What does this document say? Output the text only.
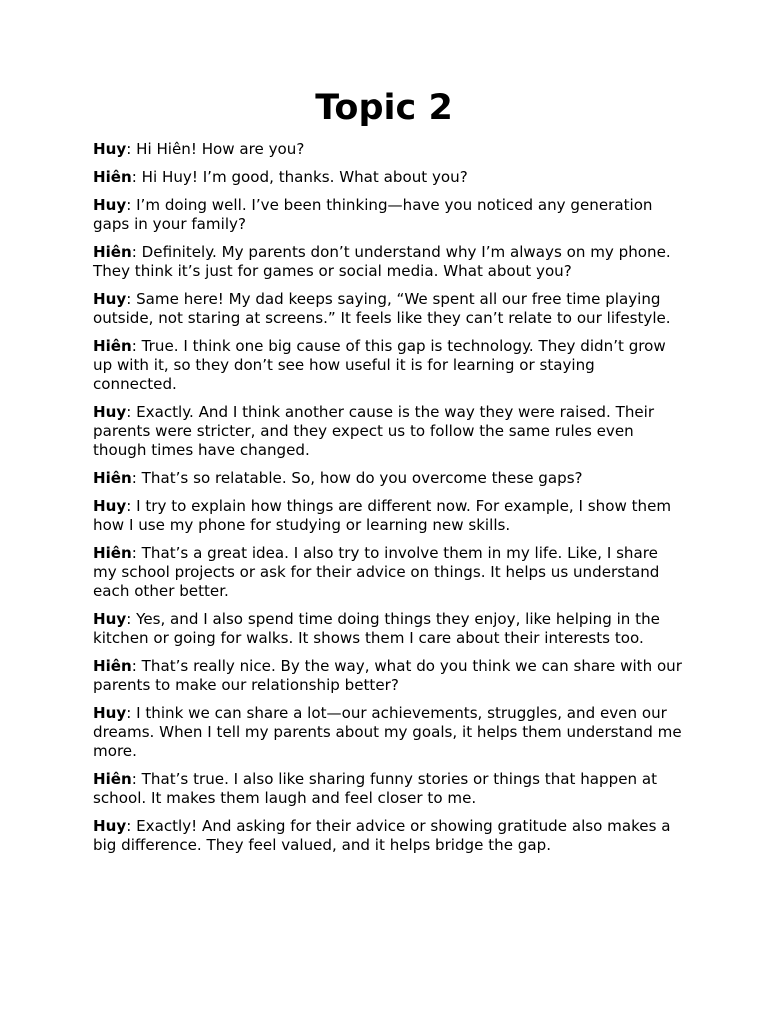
Topic 2

Huy: Hi Hiên! How are you?

Hiên: Hi Huy! I’m good, thanks. What about you?

Huy: I’m doing well. I’ve been thinking—have you noticed any generation gaps in your family?

Hiên: Definitely. My parents don’t understand why I’m always on my phone. They think it’s just for games or social media. What about you?

Huy: Same here! My dad keeps saying, “We spent all our free time playing outside, not staring at screens.” It feels like they can’t relate to our lifestyle.

Hiên: True. I think one big cause of this gap is technology. They didn’t grow up with it, so they don’t see how useful it is for learning or staying connected.

Huy: Exactly. And I think another cause is the way they were raised. Their parents were stricter, and they expect us to follow the same rules even though times have changed.

Hiên: That’s so relatable. So, how do you overcome these gaps?

Huy: I try to explain how things are different now. For example, I show them how I use my phone for studying or learning new skills.

Hiên: That’s a great idea. I also try to involve them in my life. Like, I share my school projects or ask for their advice on things. It helps us understand each other better.

Huy: Yes, and I also spend time doing things they enjoy, like helping in the kitchen or going for walks. It shows them I care about their interests too.

Hiên: That’s really nice. By the way, what do you think we can share with our parents to make our relationship better?

Huy: I think we can share a lot—our achievements, struggles, and even our dreams. When I tell my parents about my goals, it helps them understand me more.

Hiên: That’s true. I also like sharing funny stories or things that happen at school. It makes them laugh and feel closer to me.

Huy: Exactly! And asking for their advice or showing gratitude also makes a big difference. They feel valued, and it helps bridge the gap.
